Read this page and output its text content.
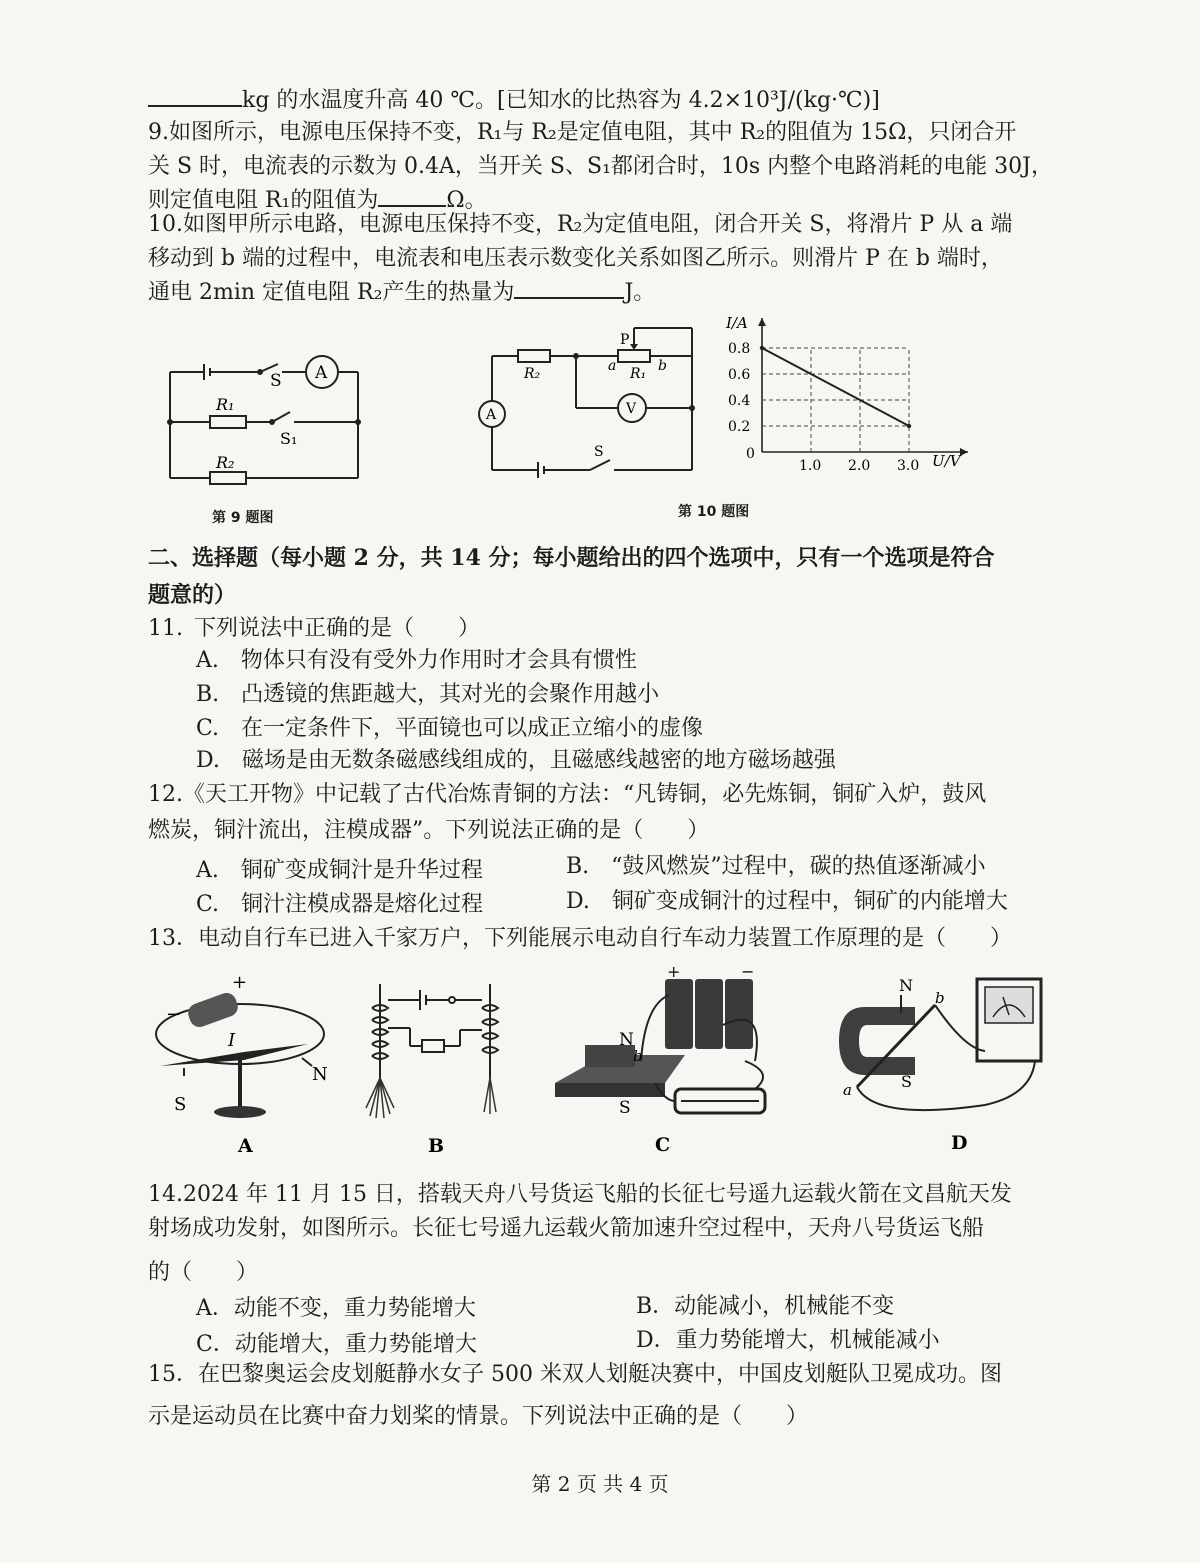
kg 的水温度升高 40 ℃。[已知水的比热容为 4.2×10³J/(kg·℃)]
9.如图所示，电源电压保持不变，R₁与 R₂是定值电阻，其中 R₂的阻值为 15Ω，只闭合开
关 S 时，电流表的示数为 0.4A，当开关 S、S₁都闭合时，10s 内整个电路消耗的电能 30J，
则定值电阻 R₁的阻值为	Ω。
10.如图甲所示电路，电源电压保持不变，R₂为定值电阻，闭合开关 S，将滑片 P 从 a 端
移动到 b 端的过程中，电流表和电压表示数变化关系如图乙所示。则滑片 P 在 b 端时，
通电 2min 定值电阻 R₂产生的热量为	J。
S A
R₁
S₁
R₂
第 9 题图
P
R₂	R₁
a	b
A	V
S
I/A
U/V
0
1.0 2.0 3.0
0.2
0.4
0.6
0.8
第 10 题图
二、选择题（每小题 2 分，共 14 分；每小题给出的四个选项中，只有一个选项是符合
题意的）
11. 下列说法中正确的是（　　）
A.　物体只有没有受外力作用时才会具有惯性
B.　凸透镜的焦距越大，其对光的会聚作用越小
C.　在一定条件下，平面镜也可以成正立缩小的虚像
D.　磁场是由无数条磁感线组成的，且磁感线越密的地方磁场越强
12.《天工开物》中记载了古代冶炼青铜的方法：“凡铸铜，必先炼铜，铜矿入炉，鼓风
燃炭，铜汁流出，注模成器”。下列说法正确的是（　　）
A.　铜矿变成铜汁是升华过程	B.　“鼓风燃炭”过程中，碳的热值逐渐减小
C.　铜汁注模成器是熔化过程	D.　铜矿变成铜汁的过程中，铜矿的内能增大
13．电动自行车已进入千家万户，下列能展示电动自行车动力装置工作原理的是（　　）
−
+
I
N
S
A	B
+	−
N
b
S
C
N
b
S
a
D
14.2024 年 11 月 15 日，搭载天舟八号货运飞船的长征七号遥九运载火箭在文昌航天发
射场成功发射，如图所示。长征七号遥九运载火箭加速升空过程中，天舟八号货运飞船
的（　　）
A．动能不变，重力势能增大	B．动能减小，机械能不变
C．动能增大，重力势能增大	D．重力势能增大，机械能减小
15．在巴黎奥运会皮划艇静水女子 500 米双人划艇决赛中，中国皮划艇队卫冕成功。图
示是运动员在比赛中奋力划桨的情景。下列说法中正确的是（　　）
第 2 页 共 4 页
